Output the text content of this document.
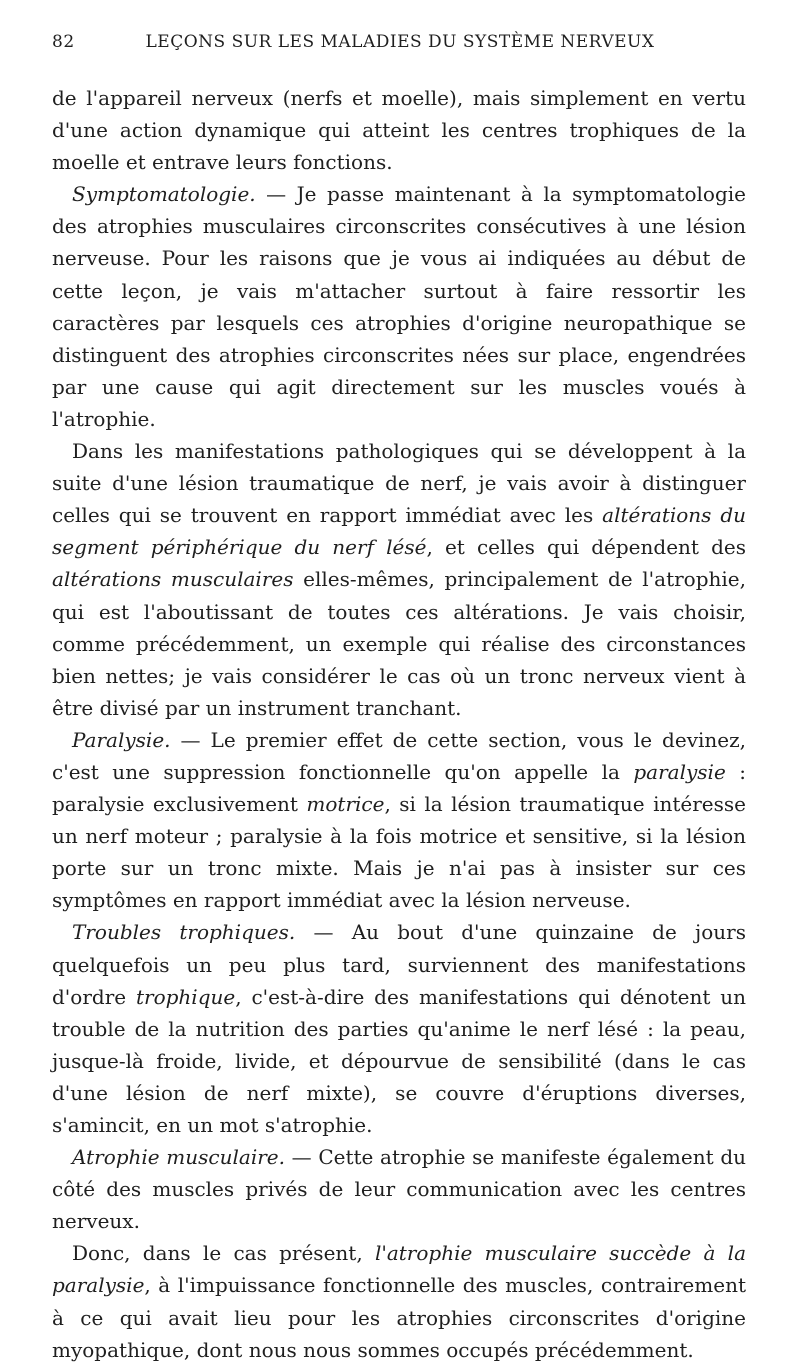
82	LEÇONS SUR LES MALADIES DU SYSTÈME NERVEUX

de l'appareil nerveux (nerfs et moelle), mais simplement en vertu d'une action dynamique qui atteint les centres trophiques de la moelle et entrave leurs fonctions.

Symptomatologie. — Je passe maintenant à la symptomatologie des atrophies musculaires circonscrites consécutives à une lésion nerveuse. Pour les raisons que je vous ai indiquées au début de cette leçon, je vais m'attacher surtout à faire ressortir les caractères par lesquels ces atrophies d'origine neuropathique se distinguent des atrophies circonscrites nées sur place, engendrées par une cause qui agit directement sur les muscles voués à l'atrophie.

Dans les manifestations pathologiques qui se développent à la suite d'une lésion traumatique de nerf, je vais avoir à distinguer celles qui se trouvent en rapport immédiat avec les altérations du segment périphérique du nerf lésé, et celles qui dépendent des altérations musculaires elles-mêmes, principalement de l'atrophie, qui est l'aboutissant de toutes ces altérations. Je vais choisir, comme précédemment, un exemple qui réalise des circonstances bien nettes; je vais considérer le cas où un tronc nerveux vient à être divisé par un instrument tranchant.

Paralysie. — Le premier effet de cette section, vous le devinez, c'est une suppression fonctionnelle qu'on appelle la paralysie : paralysie exclusivement motrice, si la lésion traumatique intéresse un nerf moteur ; paralysie à la fois motrice et sensitive, si la lésion porte sur un tronc mixte. Mais je n'ai pas à insister sur ces symptômes en rapport immédiat avec la lésion nerveuse.

Troubles trophiques. — Au bout d'une quinzaine de jours quelquefois un peu plus tard, surviennent des manifestations d'ordre trophique, c'est-à-dire des manifestations qui dénotent un trouble de la nutrition des parties qu'anime le nerf lésé : la peau, jusque-là froide, livide, et dépourvue de sensibilité (dans le cas d'une lésion de nerf mixte), se couvre d'éruptions diverses, s'amincit, en un mot s'atrophie.

Atrophie musculaire. — Cette atrophie se manifeste également du côté des muscles privés de leur communication avec les centres nerveux.

Donc, dans le cas présent, l'atrophie musculaire succède à la paralysie, à l'impuissance fonctionnelle des muscles, contrairement à ce qui avait lieu pour les atrophies circonscrites d'origine myopathique, dont nous nous sommes occupés précédemment.
